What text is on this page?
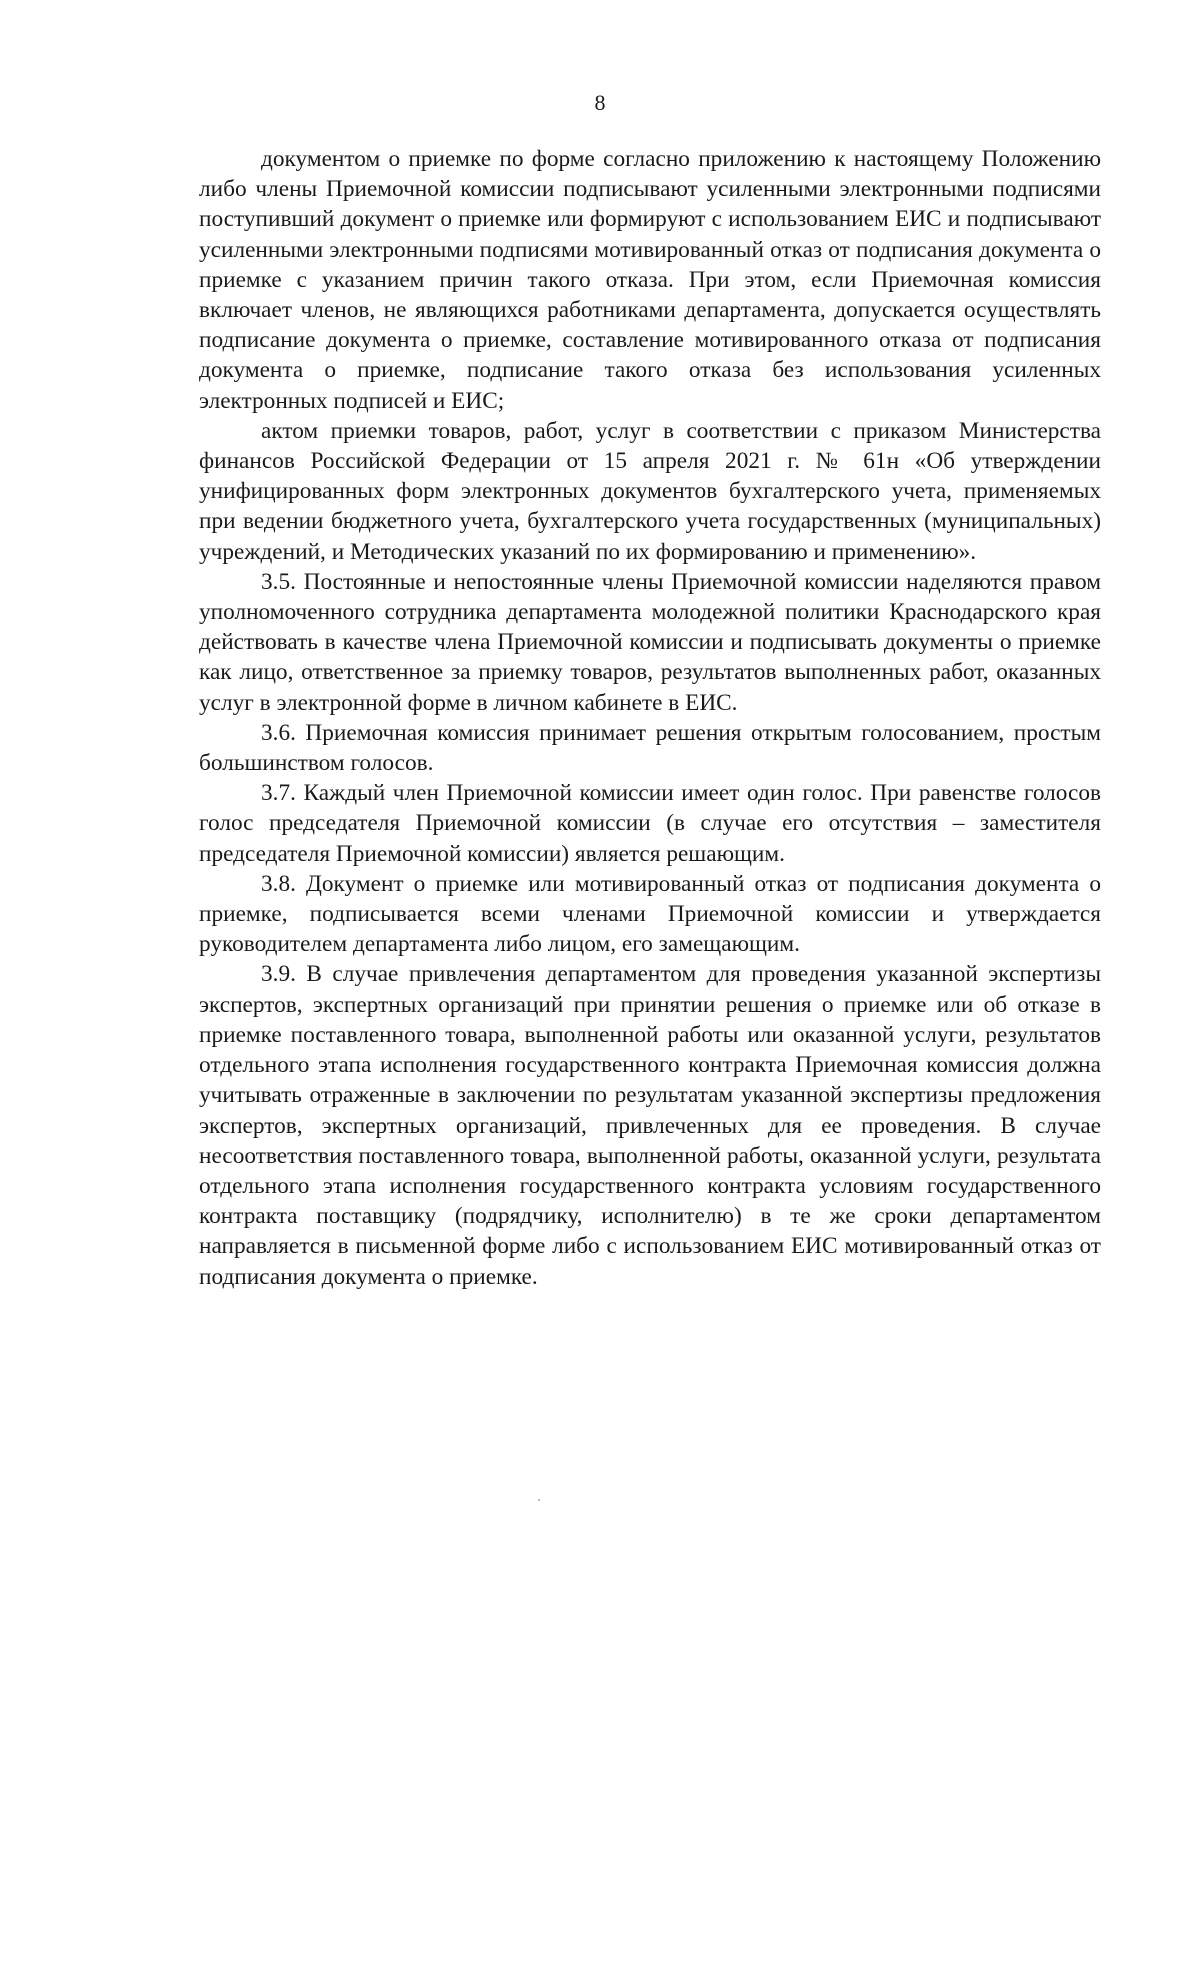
8

документом о приемке по форме согласно приложению к настоящему Положению либо члены Приемочной комиссии подписывают усиленными электронными подписями поступивший документ о приемке или формируют с использованием ЕИС и подписывают усиленными электронными подписями мотивированный отказ от подписания документа о приемке с указанием причин такого отказа. При этом, если Приемочная комиссия включает членов, не являющихся работниками департамента, допускается осуществлять подписание документа о приемке, составление мотивированного отказа от подписания документа о приемке, подписание такого отказа без использования усиленных электронных подписей и ЕИС;

актом приемки товаров, работ, услуг в соответствии с приказом Министерства финансов Российской Федерации от 15 апреля 2021 г. № 61н «Об утверждении унифицированных форм электронных документов бухгалтерского учета, применяемых при ведении бюджетного учета, бухгалтерского учета государственных (муниципальных) учреждений, и Методических указаний по их формированию и применению».

3.5. Постоянные и непостоянные члены Приемочной комиссии наделяются правом уполномоченного сотрудника департамента молодежной политики Краснодарского края действовать в качестве члена Приемочной комиссии и подписывать документы о приемке как лицо, ответственное за приемку товаров, результатов выполненных работ, оказанных услуг в электронной форме в личном кабинете в ЕИС.

3.6. Приемочная комиссия принимает решения открытым голосованием, простым большинством голосов.

3.7. Каждый член Приемочной комиссии имеет один голос. При равенстве голосов голос председателя Приемочной комиссии (в случае его отсутствия – заместителя председателя Приемочной комиссии) является решающим.

3.8. Документ о приемке или мотивированный отказ от подписания документа о приемке, подписывается всеми членами Приемочной комиссии и утверждается руководителем департамента либо лицом, его замещающим.

3.9. В случае привлечения департаментом для проведения указанной экспертизы экспертов, экспертных организаций при принятии решения о приемке или об отказе в приемке поставленного товара, выполненной работы или оказанной услуги, результатов отдельного этапа исполнения государственного контракта Приемочная комиссия должна учитывать отраженные в заключении по результатам указанной экспертизы предложения экспертов, экспертных организаций, привлеченных для ее проведения. В случае несоответствия поставленного товара, выполненной работы, оказанной услуги, результата отдельного этапа исполнения государственного контракта условиям государственного контракта поставщику (подрядчику, исполнителю) в те же сроки департаментом направляется в письменной форме либо с использованием ЕИС мотивированный отказ от подписания документа о приемке.
